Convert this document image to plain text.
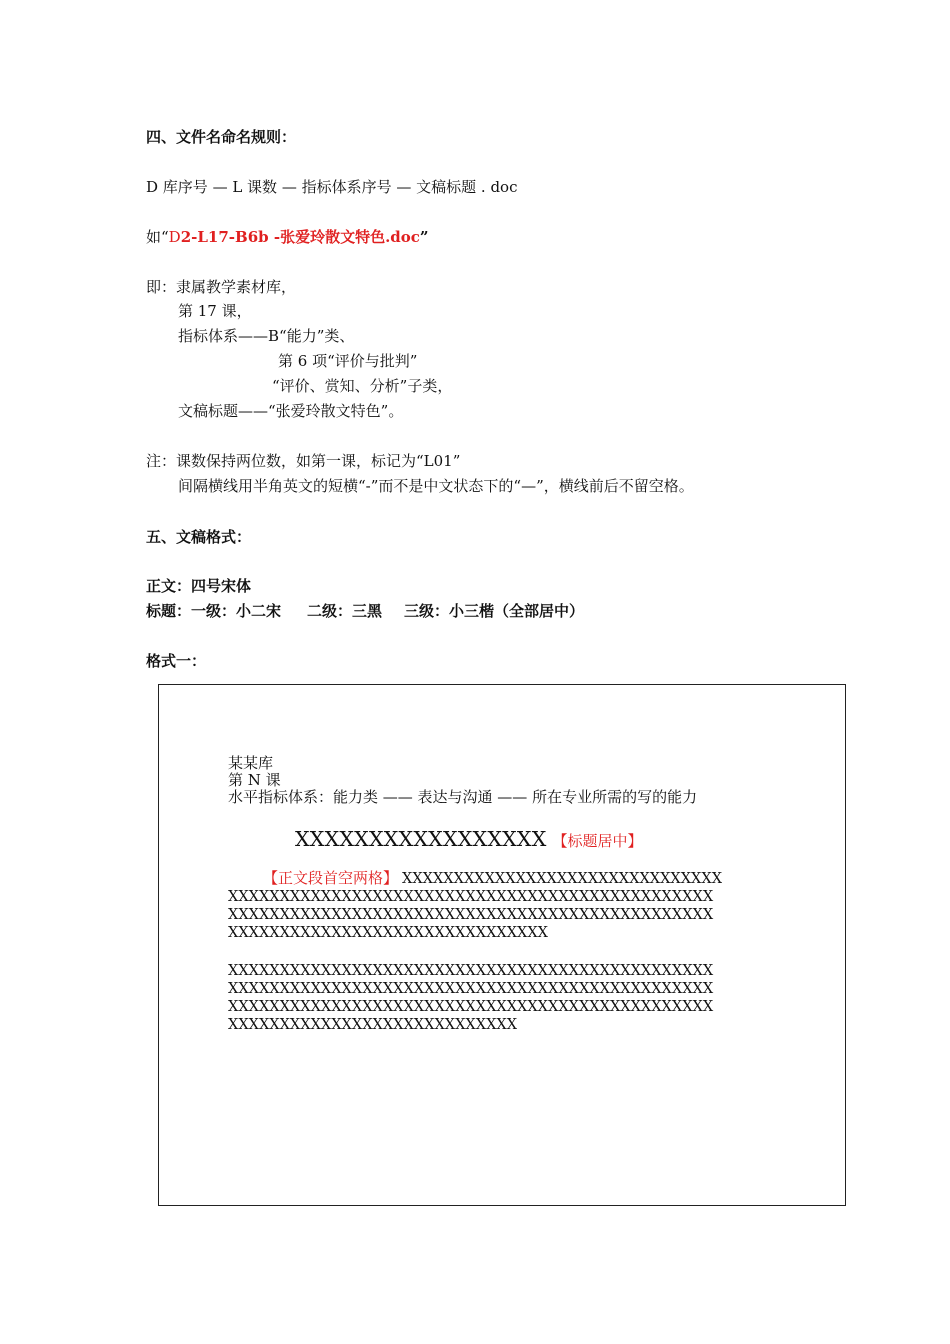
四、文件名命名规则：
D 库序号 — L 课数 — 指标体系序号 — 文稿标题 . doc
如“D2-L17-B6b -张爱玲散文特色.doc”
即：隶属教学素材库，
第 17 课，
指标体系——B“能力”类、
第 6 项“评价与批判”
“评价、赏知、分析”子类，
文稿标题——“张爱玲散文特色”。
注：课数保持两位数，如第一课，标记为“L01”
间隔横线用半角英文的短横“-”而不是中文状态下的“—”，横线前后不留空格。
五、文稿格式：
正文：四号宋体
标题：一级：小二宋 二级：三黑 三级：小三楷（全部居中）
格式一：
某某库
第 N 课
水平指标体系：能力类 —— 表达与沟通 —— 所在专业所需的写的能力
XXXXXXXXXXXXXXXXX 【标题居中】
【正文段首空两格】 XXXXXXXXXXXXXXXXXXXXXXXXXXXXXXX
XXXXXXXXXXXXXXXXXXXXXXXXXXXXXXXXXXXXXXXXXXXXXXX
XXXXXXXXXXXXXXXXXXXXXXXXXXXXXXXXXXXXXXXXXXXXXXX
XXXXXXXXXXXXXXXXXXXXXXXXXXXXXXX
XXXXXXXXXXXXXXXXXXXXXXXXXXXXXXXXXXXXXXXXXXXXXXX
XXXXXXXXXXXXXXXXXXXXXXXXXXXXXXXXXXXXXXXXXXXXXXX
XXXXXXXXXXXXXXXXXXXXXXXXXXXXXXXXXXXXXXXXXXXXXXX
XXXXXXXXXXXXXXXXXXXXXXXXXXXX
